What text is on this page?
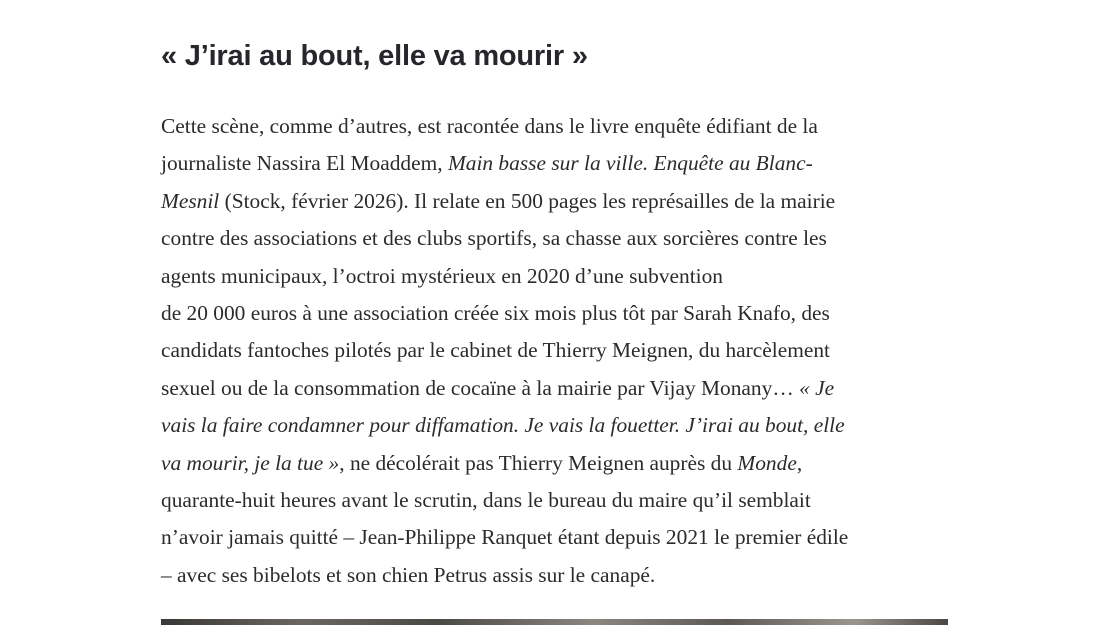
« J’irai au bout, elle va mourir »

Cette scène, comme d’autres, est racontée dans le livre enquête édifiant de la
journaliste Nassira El Moaddem, Main basse sur la ville. Enquête au Blanc-
Mesnil (Stock, février 2026). Il relate en 500 pages les représailles de la mairie
contre des associations et des clubs sportifs, sa chasse aux sorcières contre les
agents municipaux, l’octroi mystérieux en 2020 d’une subvention
de 20 000 euros à une association créée six mois plus tôt par Sarah Knafo, des
candidats fantoches pilotés par le cabinet de Thierry Meignen, du harcèlement
sexuel ou de la consommation de cocaïne à la mairie par Vijay Monany… « Je
vais la faire condamner pour diffamation. Je vais la fouetter. J’irai au bout, elle
va mourir, je la tue », ne décolérait pas Thierry Meignen auprès du Monde,
quarante-huit heures avant le scrutin, dans le bureau du maire qu’il semblait
n’avoir jamais quitté – Jean-Philippe Ranquet étant depuis 2021 le premier édile
– avec ses bibelots et son chien Petrus assis sur le canapé.
